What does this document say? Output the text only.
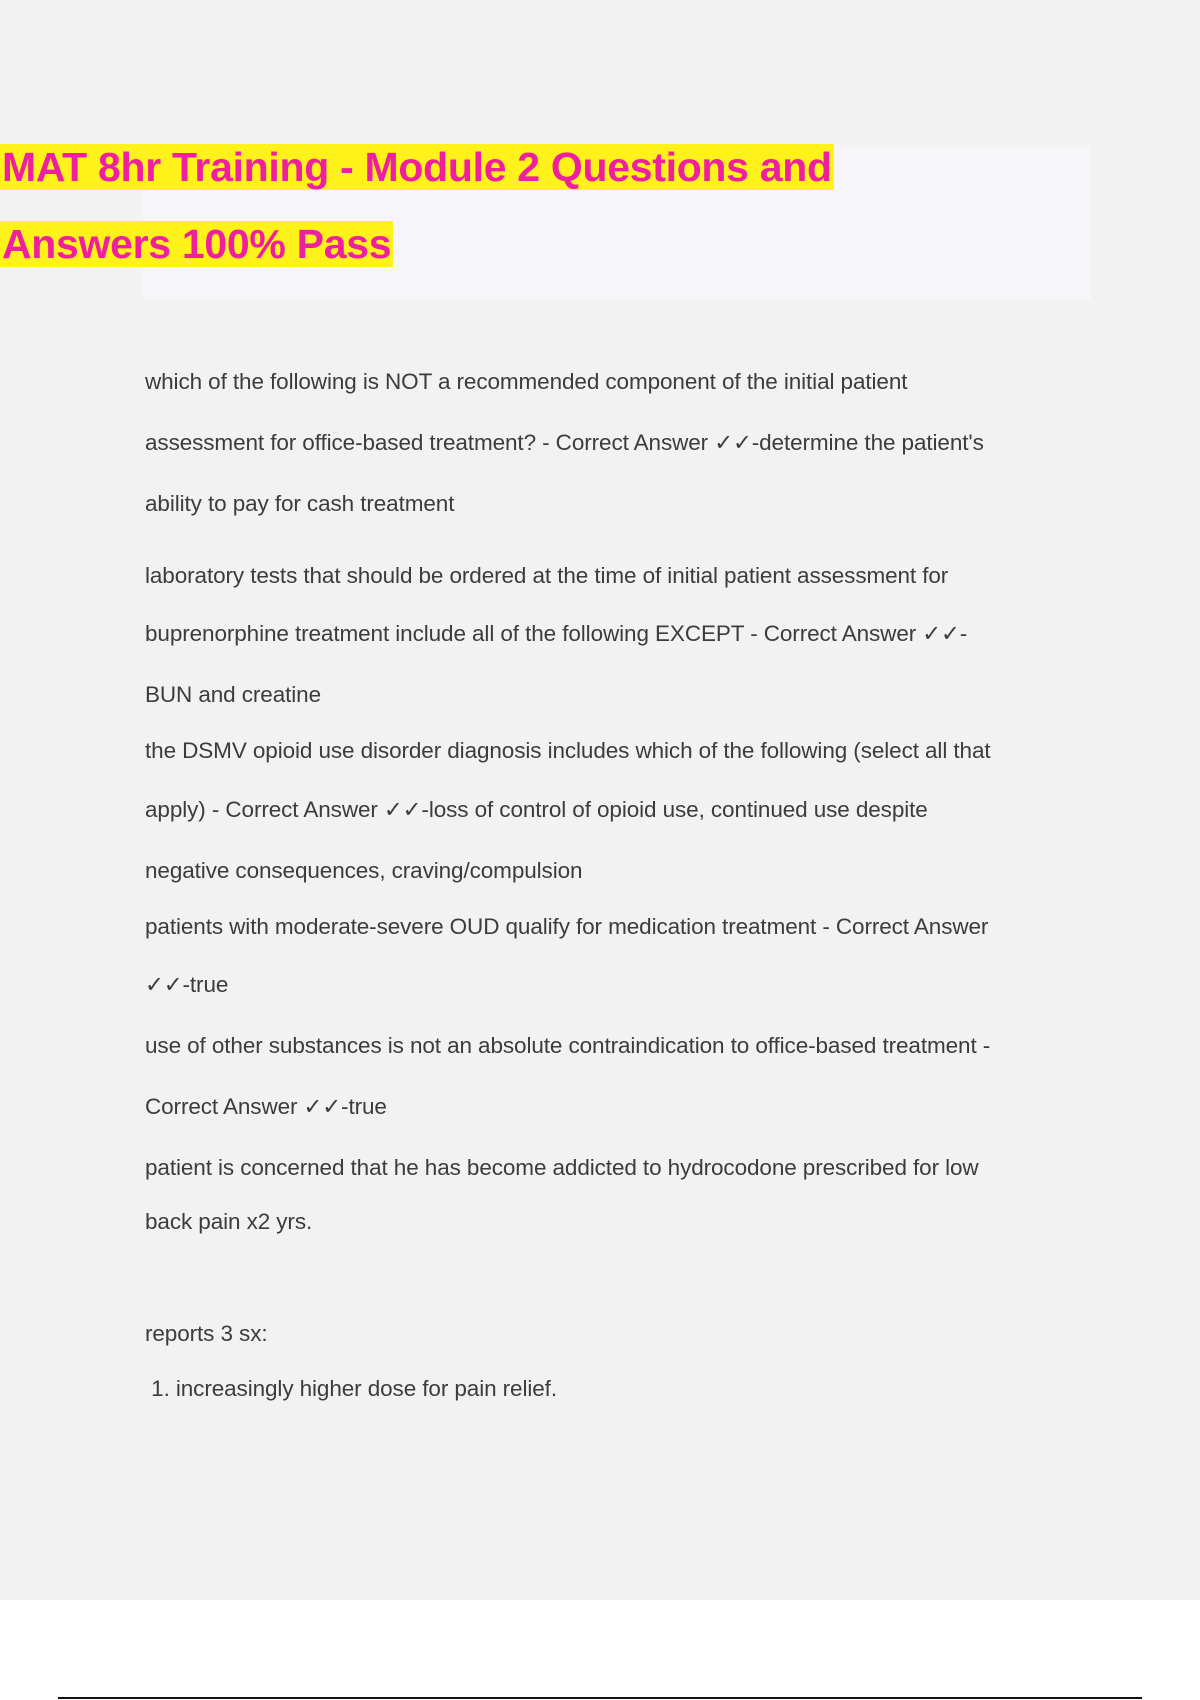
MAT 8hr Training - Module 2 Questions and
Answers 100% Pass
which of the following is NOT a recommended component of the initial patient
assessment for office-based treatment? - Correct Answer ✓✓-determine the patient's
ability to pay for cash treatment
laboratory tests that should be ordered at the time of initial patient assessment for
buprenorphine treatment include all of the following EXCEPT - Correct Answer ✓✓-
BUN and creatine
the DSMV opioid use disorder diagnosis includes which of the following (select all that
apply) - Correct Answer ✓✓-loss of control of opioid use, continued use despite
negative consequences, craving/compulsion
patients with moderate-severe OUD qualify for medication treatment - Correct Answer
✓✓-true
use of other substances is not an absolute contraindication to office-based treatment -
Correct Answer ✓✓-true
patient is concerned that he has become addicted to hydrocodone prescribed for low
back pain x2 yrs.
reports 3 sx:
1. increasingly higher dose for pain relief.
